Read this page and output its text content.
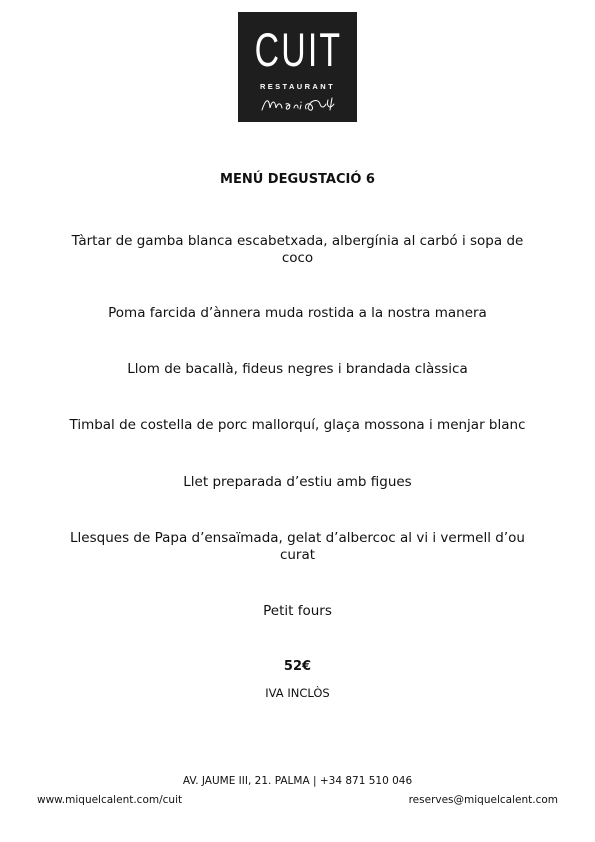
CUIT
RESTAURANT
MENÚ DEGUSTACIÓ 6
Tàrtar de gamba blanca escabetxada, albergínia al carbó i sopa de coco
Poma farcida d’ànnera muda rostida a la nostra manera
Llom de bacallà, fideus negres i brandada clàssica
Timbal de costella de porc mallorquí, glaça mossona i menjar blanc
Llet preparada d’estiu amb figues
Llesques de Papa d’ensaïmada, gelat d’albercoc al vi i vermell d’ou curat
Petit fours
52€
IVA INCLÒS
AV. JAUME III, 21. PALMA | +34 871 510 046
www.miquelcalent.com/cuit	reserves@miquelcalent.com
